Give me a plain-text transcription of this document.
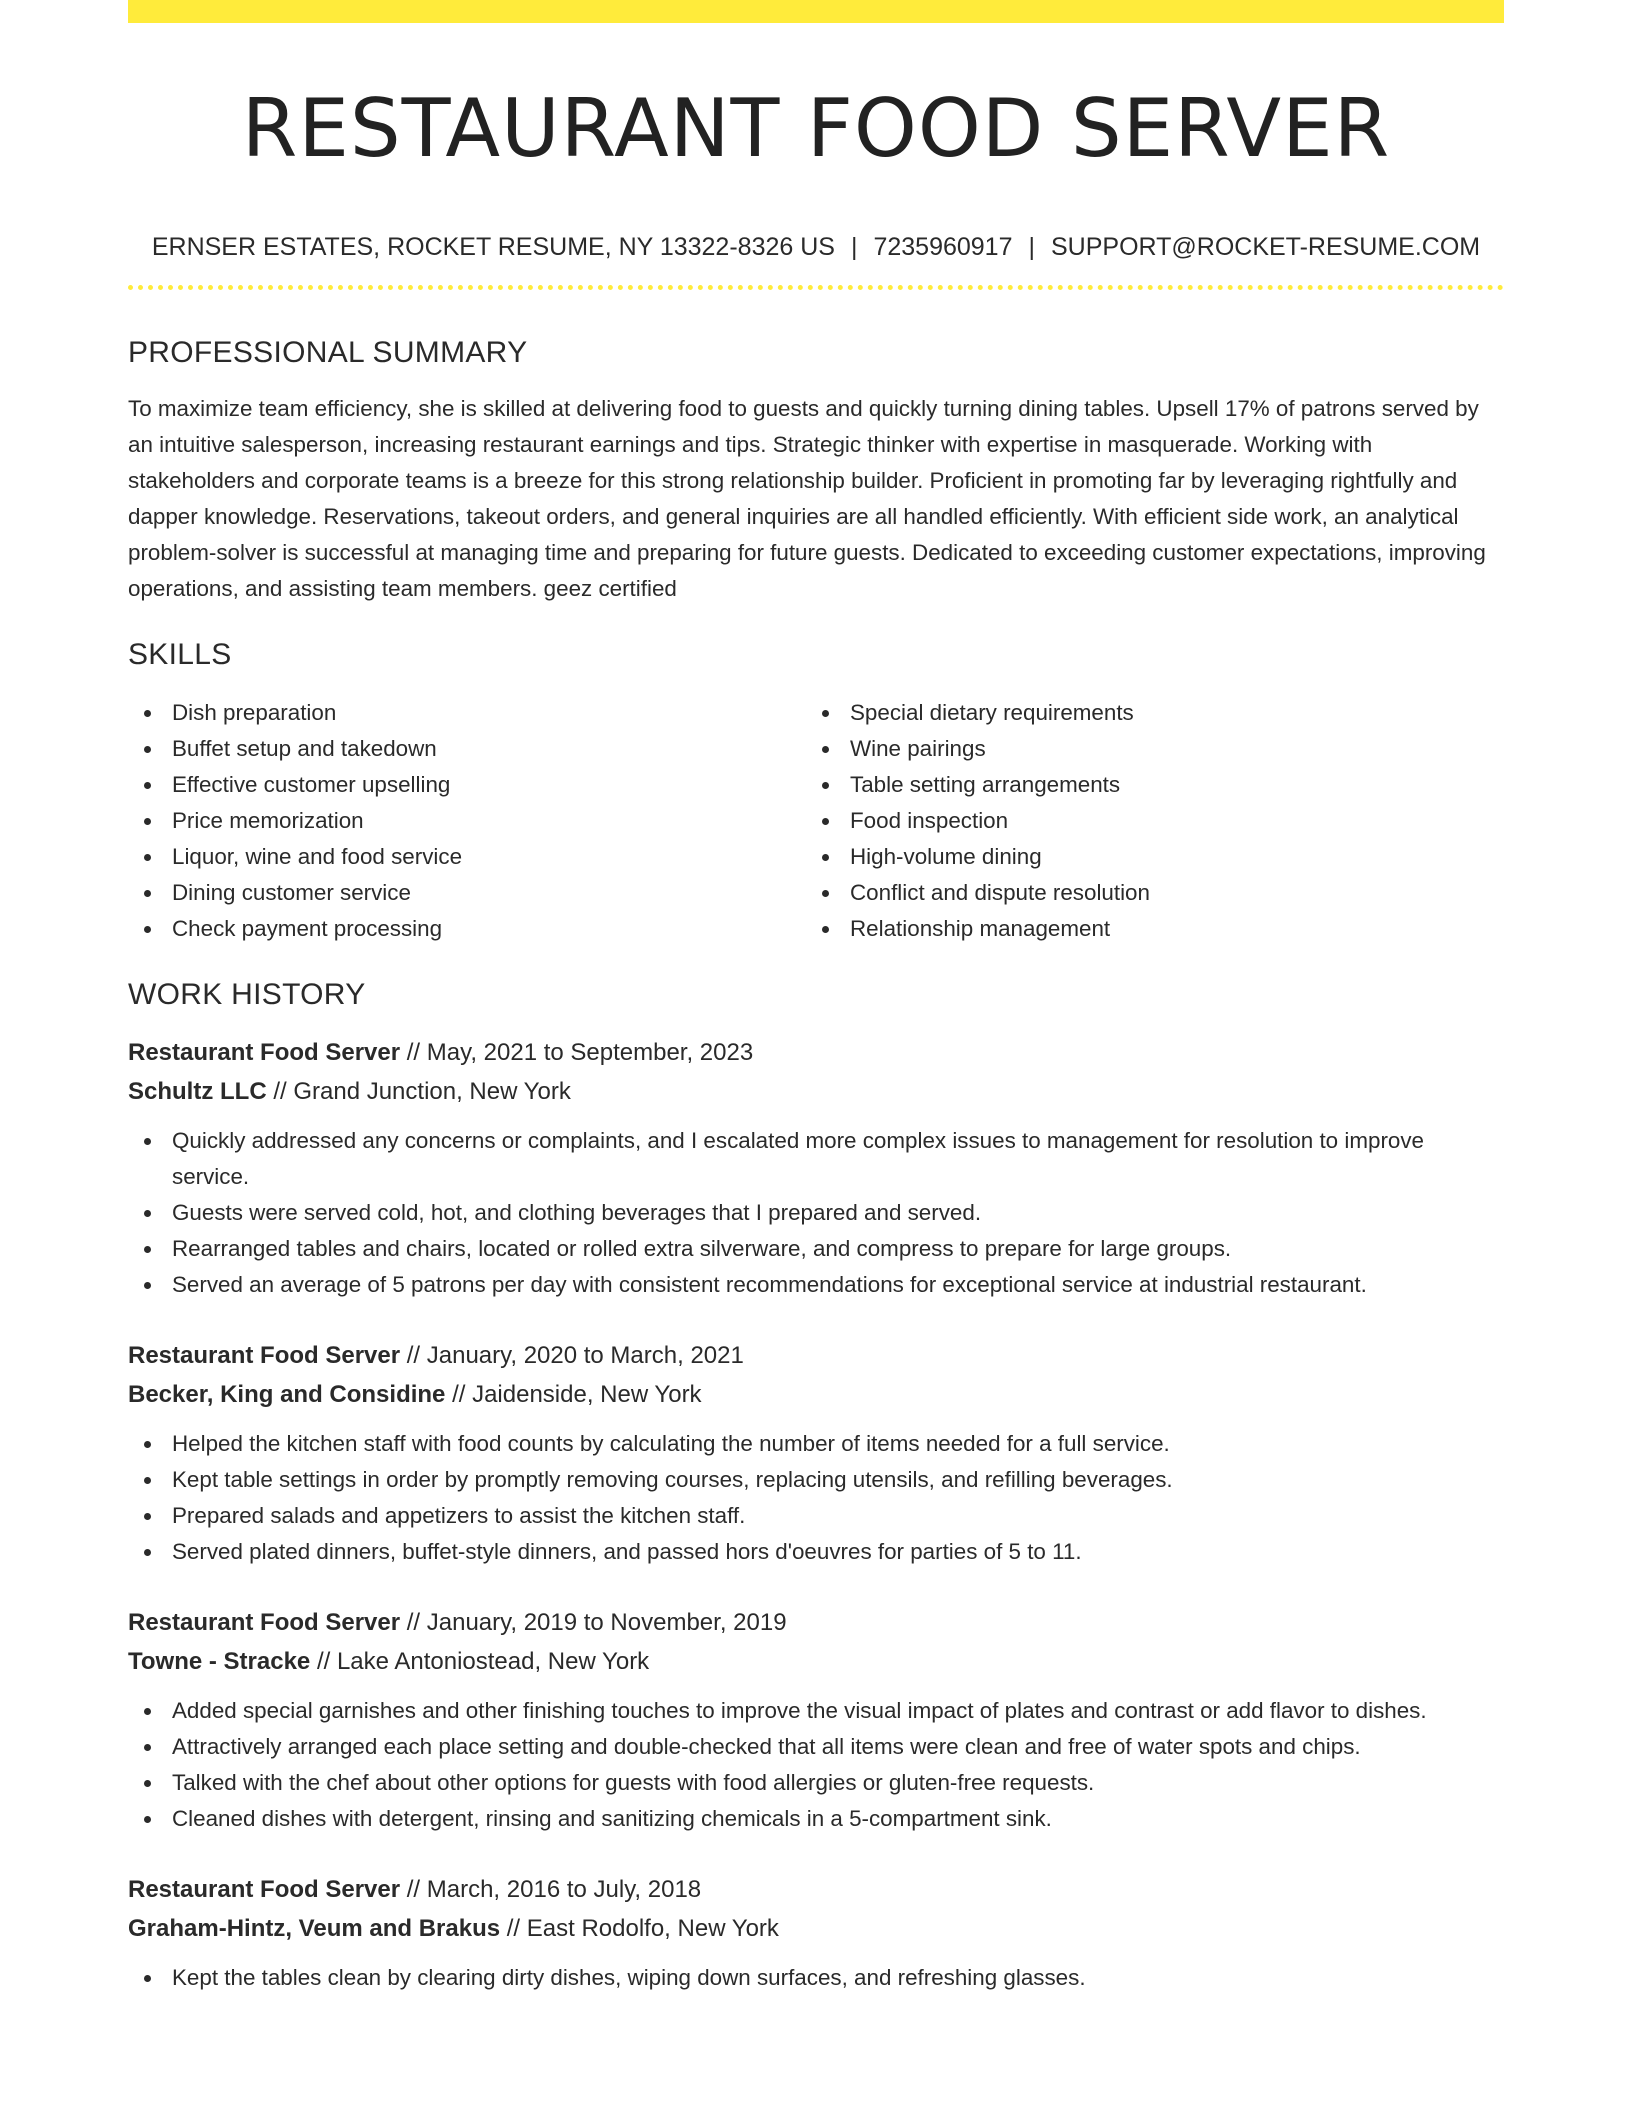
RESTAURANT FOOD SERVER
ERNSER ESTATES, ROCKET RESUME, NY 13322-8326 US | 7235960917 | SUPPORT@ROCKET-RESUME.COM
PROFESSIONAL SUMMARY

To maximize team efficiency, she is skilled at delivering food to guests and quickly turning dining tables. Upsell 17% of patrons served by an intuitive salesperson, increasing restaurant earnings and tips. Strategic thinker with expertise in masquerade. Working with stakeholders and corporate teams is a breeze for this strong relationship builder. Proficient in promoting far by leveraging rightfully and dapper knowledge. Reservations, takeout orders, and general inquiries are all handled efficiently. With efficient side work, an analytical problem-solver is successful at managing time and preparing for future guests. Dedicated to exceeding customer expectations, improving operations, and assisting team members. geez certified

SKILLS
Dish preparation
Buffet setup and takedown
Effective customer upselling
Price memorization
Liquor, wine and food service
Dining customer service
Check payment processing
Special dietary requirements
Wine pairings
Table setting arrangements
Food inspection
High-volume dining
Conflict and dispute resolution
Relationship management
WORK HISTORY
Restaurant Food Server // May, 2021 to September, 2023
Schultz LLC // Grand Junction, New York
Quickly addressed any concerns or complaints, and I escalated more complex issues to management for resolution to improve service.
Guests were served cold, hot, and clothing beverages that I prepared and served.
Rearranged tables and chairs, located or rolled extra silverware, and compress to prepare for large groups.
Served an average of 5 patrons per day with consistent recommendations for exceptional service at industrial restaurant.
Restaurant Food Server // January, 2020 to March, 2021
Becker, King and Considine // Jaidenside, New York
Helped the kitchen staff with food counts by calculating the number of items needed for a full service.
Kept table settings in order by promptly removing courses, replacing utensils, and refilling beverages.
Prepared salads and appetizers to assist the kitchen staff.
Served plated dinners, buffet-style dinners, and passed hors d'oeuvres for parties of 5 to 11.
Restaurant Food Server // January, 2019 to November, 2019
Towne - Stracke // Lake Antoniostead, New York
Added special garnishes and other finishing touches to improve the visual impact of plates and contrast or add flavor to dishes.
Attractively arranged each place setting and double-checked that all items were clean and free of water spots and chips.
Talked with the chef about other options for guests with food allergies or gluten-free requests.
Cleaned dishes with detergent, rinsing and sanitizing chemicals in a 5-compartment sink.
Restaurant Food Server // March, 2016 to July, 2018
Graham-Hintz, Veum and Brakus // East Rodolfo, New York
Kept the tables clean by clearing dirty dishes, wiping down surfaces, and refreshing glasses.
